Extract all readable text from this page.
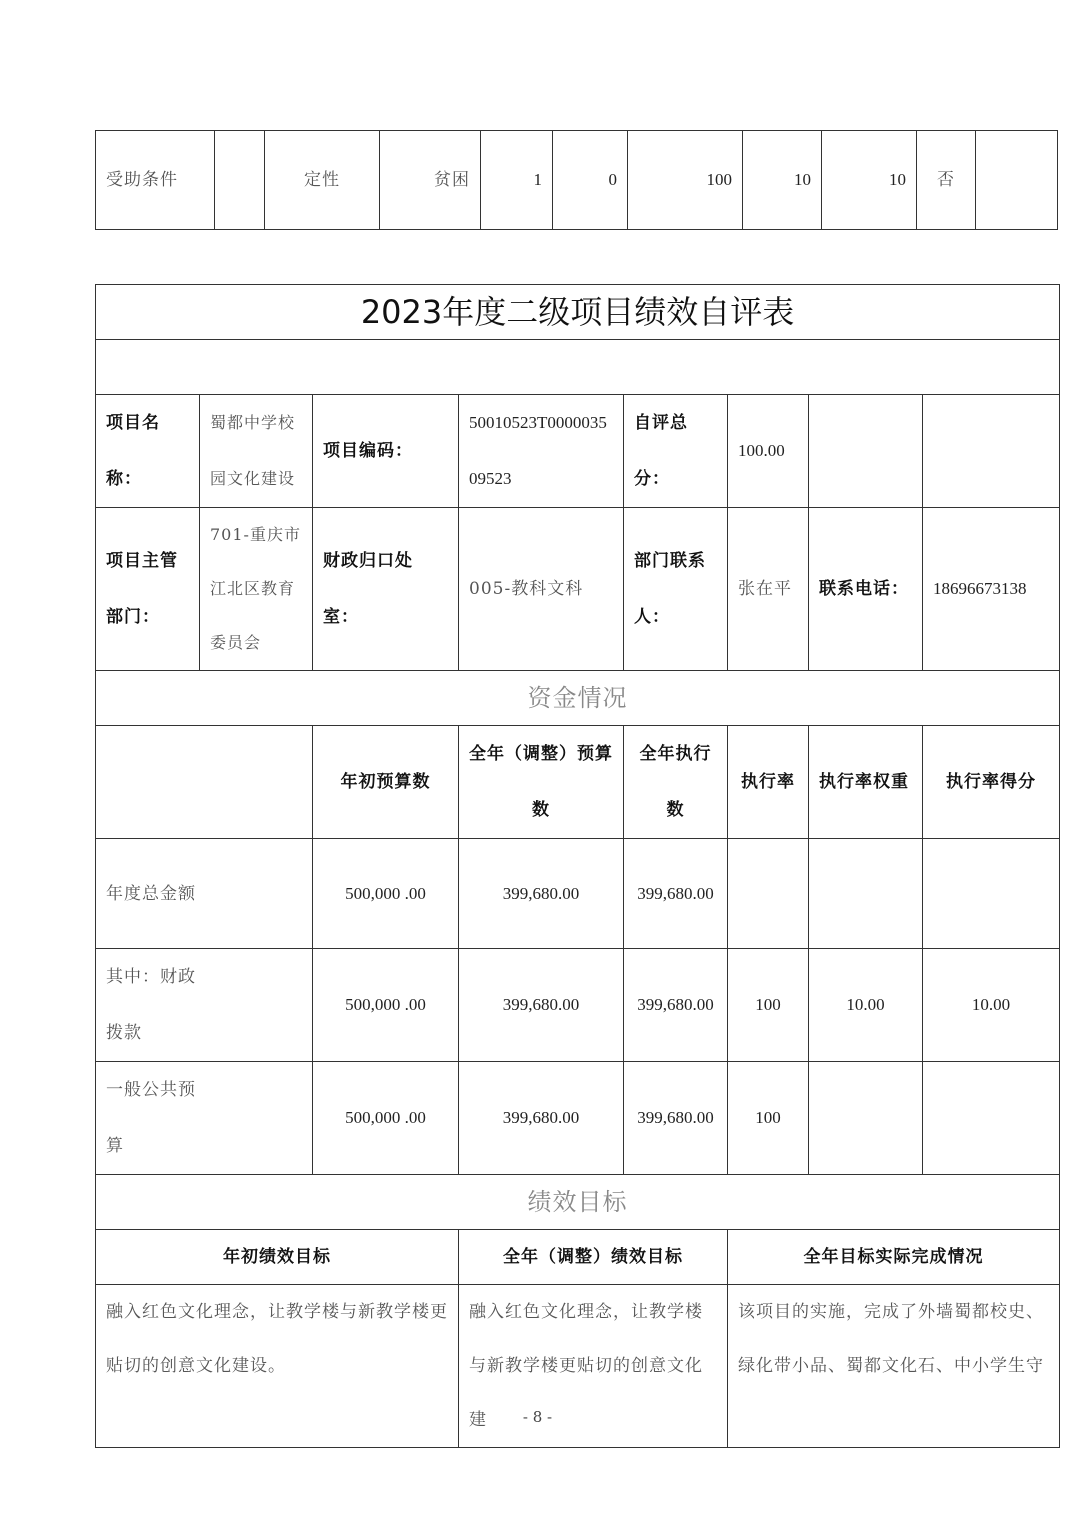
受助条件		定性	贫困	1	0	100	10	10	否	
2023年度二级项目绩效自评表							

项目名称：	蜀都中学校园文化建设	项目编码：	50010523T000003509523	自评总分：	100.00		
项目主管部门：	701-重庆市江北区教育委员会	财政归口处室：	005-教科文科	部门联系人：	张在平	联系电话：	18696673138
资金情况							
		年初预算数	全年（调整）预算数	全年执行数	执行率	执行率权重	执行率得分
年度总金额		500,000 .00	399,680.00	399,680.00			
其中：财政拨款		500,000 .00	399,680.00	399,680.00	100	10.00	10.00
一般公共预算		500,000 .00	399,680.00	399,680.00	100		
绩效目标							
年初绩效目标			全年（调整）绩效目标		全年目标实际完成情况		
融入红色文化理念，让教学楼与新教学楼更贴切的创意文化建设。			融入红色文化理念，让教学楼与新教学楼更贴切的创意文化建		该项目的实施，完成了外墙蜀都校史、绿化带小品、蜀都文化石、中小学生守		
- 8 -
